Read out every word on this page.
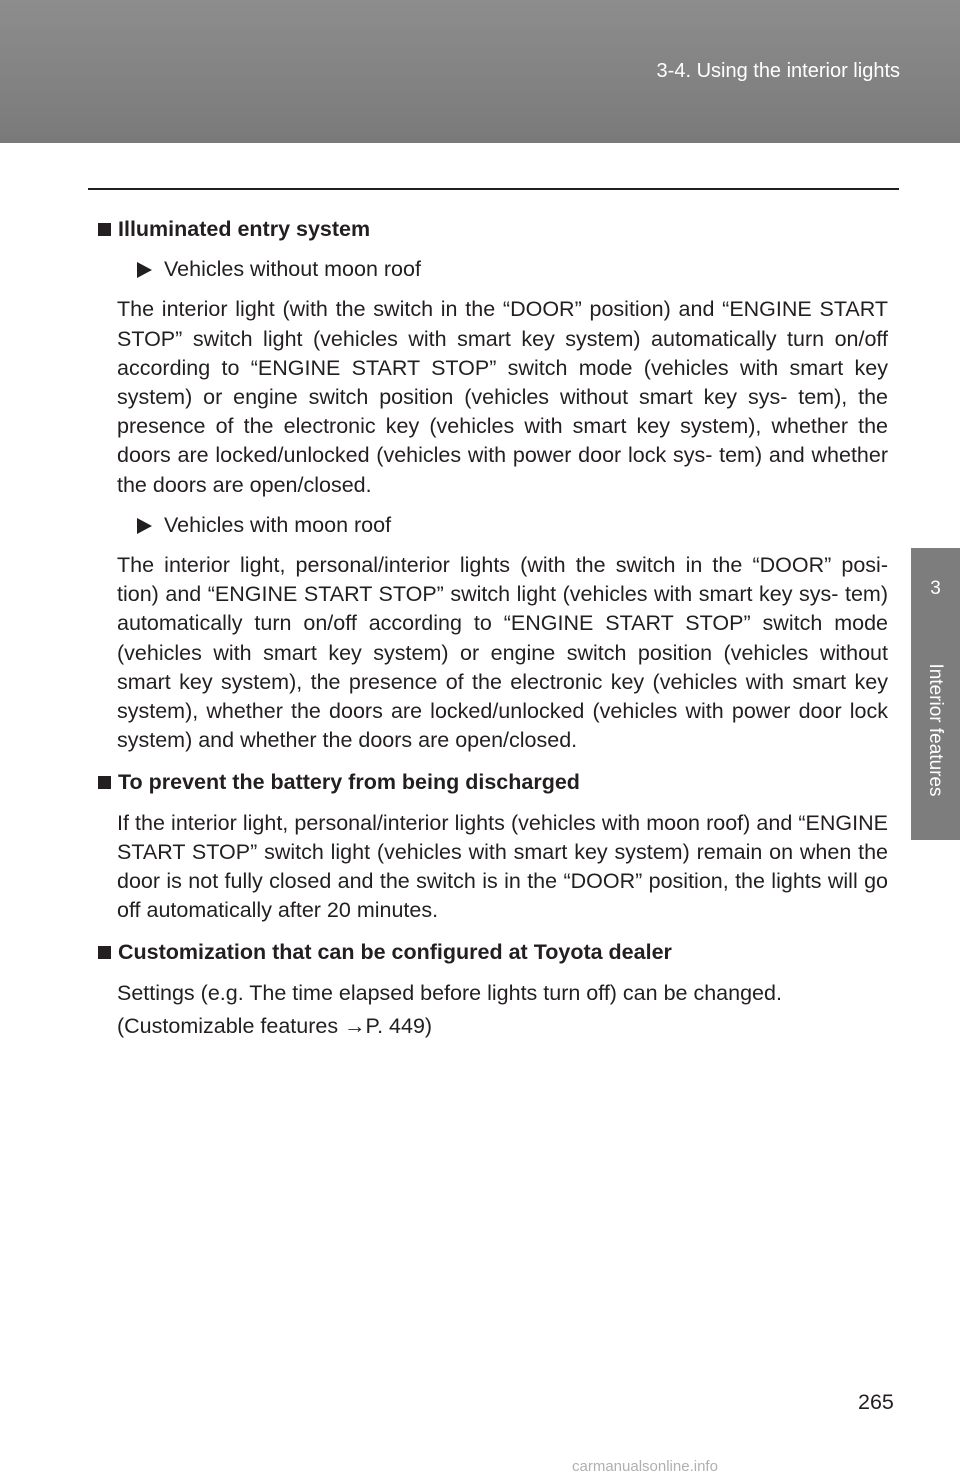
3-4. Using the interior lights
3
Interior features
Illuminated entry system
Vehicles without moon roof
The interior light (with the switch in the “DOOR” position) and “ENGINE START STOP” switch light (vehicles with smart key system) automatically turn on/off according to “ENGINE START STOP” switch mode (vehicles with smart key system) or engine switch position (vehicles without smart key sys- tem), the presence of the electronic key (vehicles with smart key system), whether the doors are locked/unlocked (vehicles with power door lock sys- tem) and whether the doors are open/closed.
Vehicles with moon roof
The interior light, personal/interior lights (with the switch in the “DOOR” posi- tion) and “ENGINE START STOP” switch light (vehicles with smart key sys- tem) automatically turn on/off according to “ENGINE START STOP” switch mode (vehicles with smart key system) or engine switch position (vehicles without smart key system), the presence of the electronic key (vehicles with smart key system), whether the doors are locked/unlocked (vehicles with power door lock system) and whether the doors are open/closed.
To prevent the battery from being discharged
If the interior light, personal/interior lights (vehicles with moon roof) and “ENGINE START STOP” switch light (vehicles with smart key system) remain on when the door is not fully closed and the switch is in the “DOOR” position, the lights will go off automatically after 20 minutes.
Customization that can be configured at Toyota dealer
Settings (e.g. The time elapsed before lights turn off) can be changed.
(Customizable features →P. 449)
265
carmanualsonline.info
